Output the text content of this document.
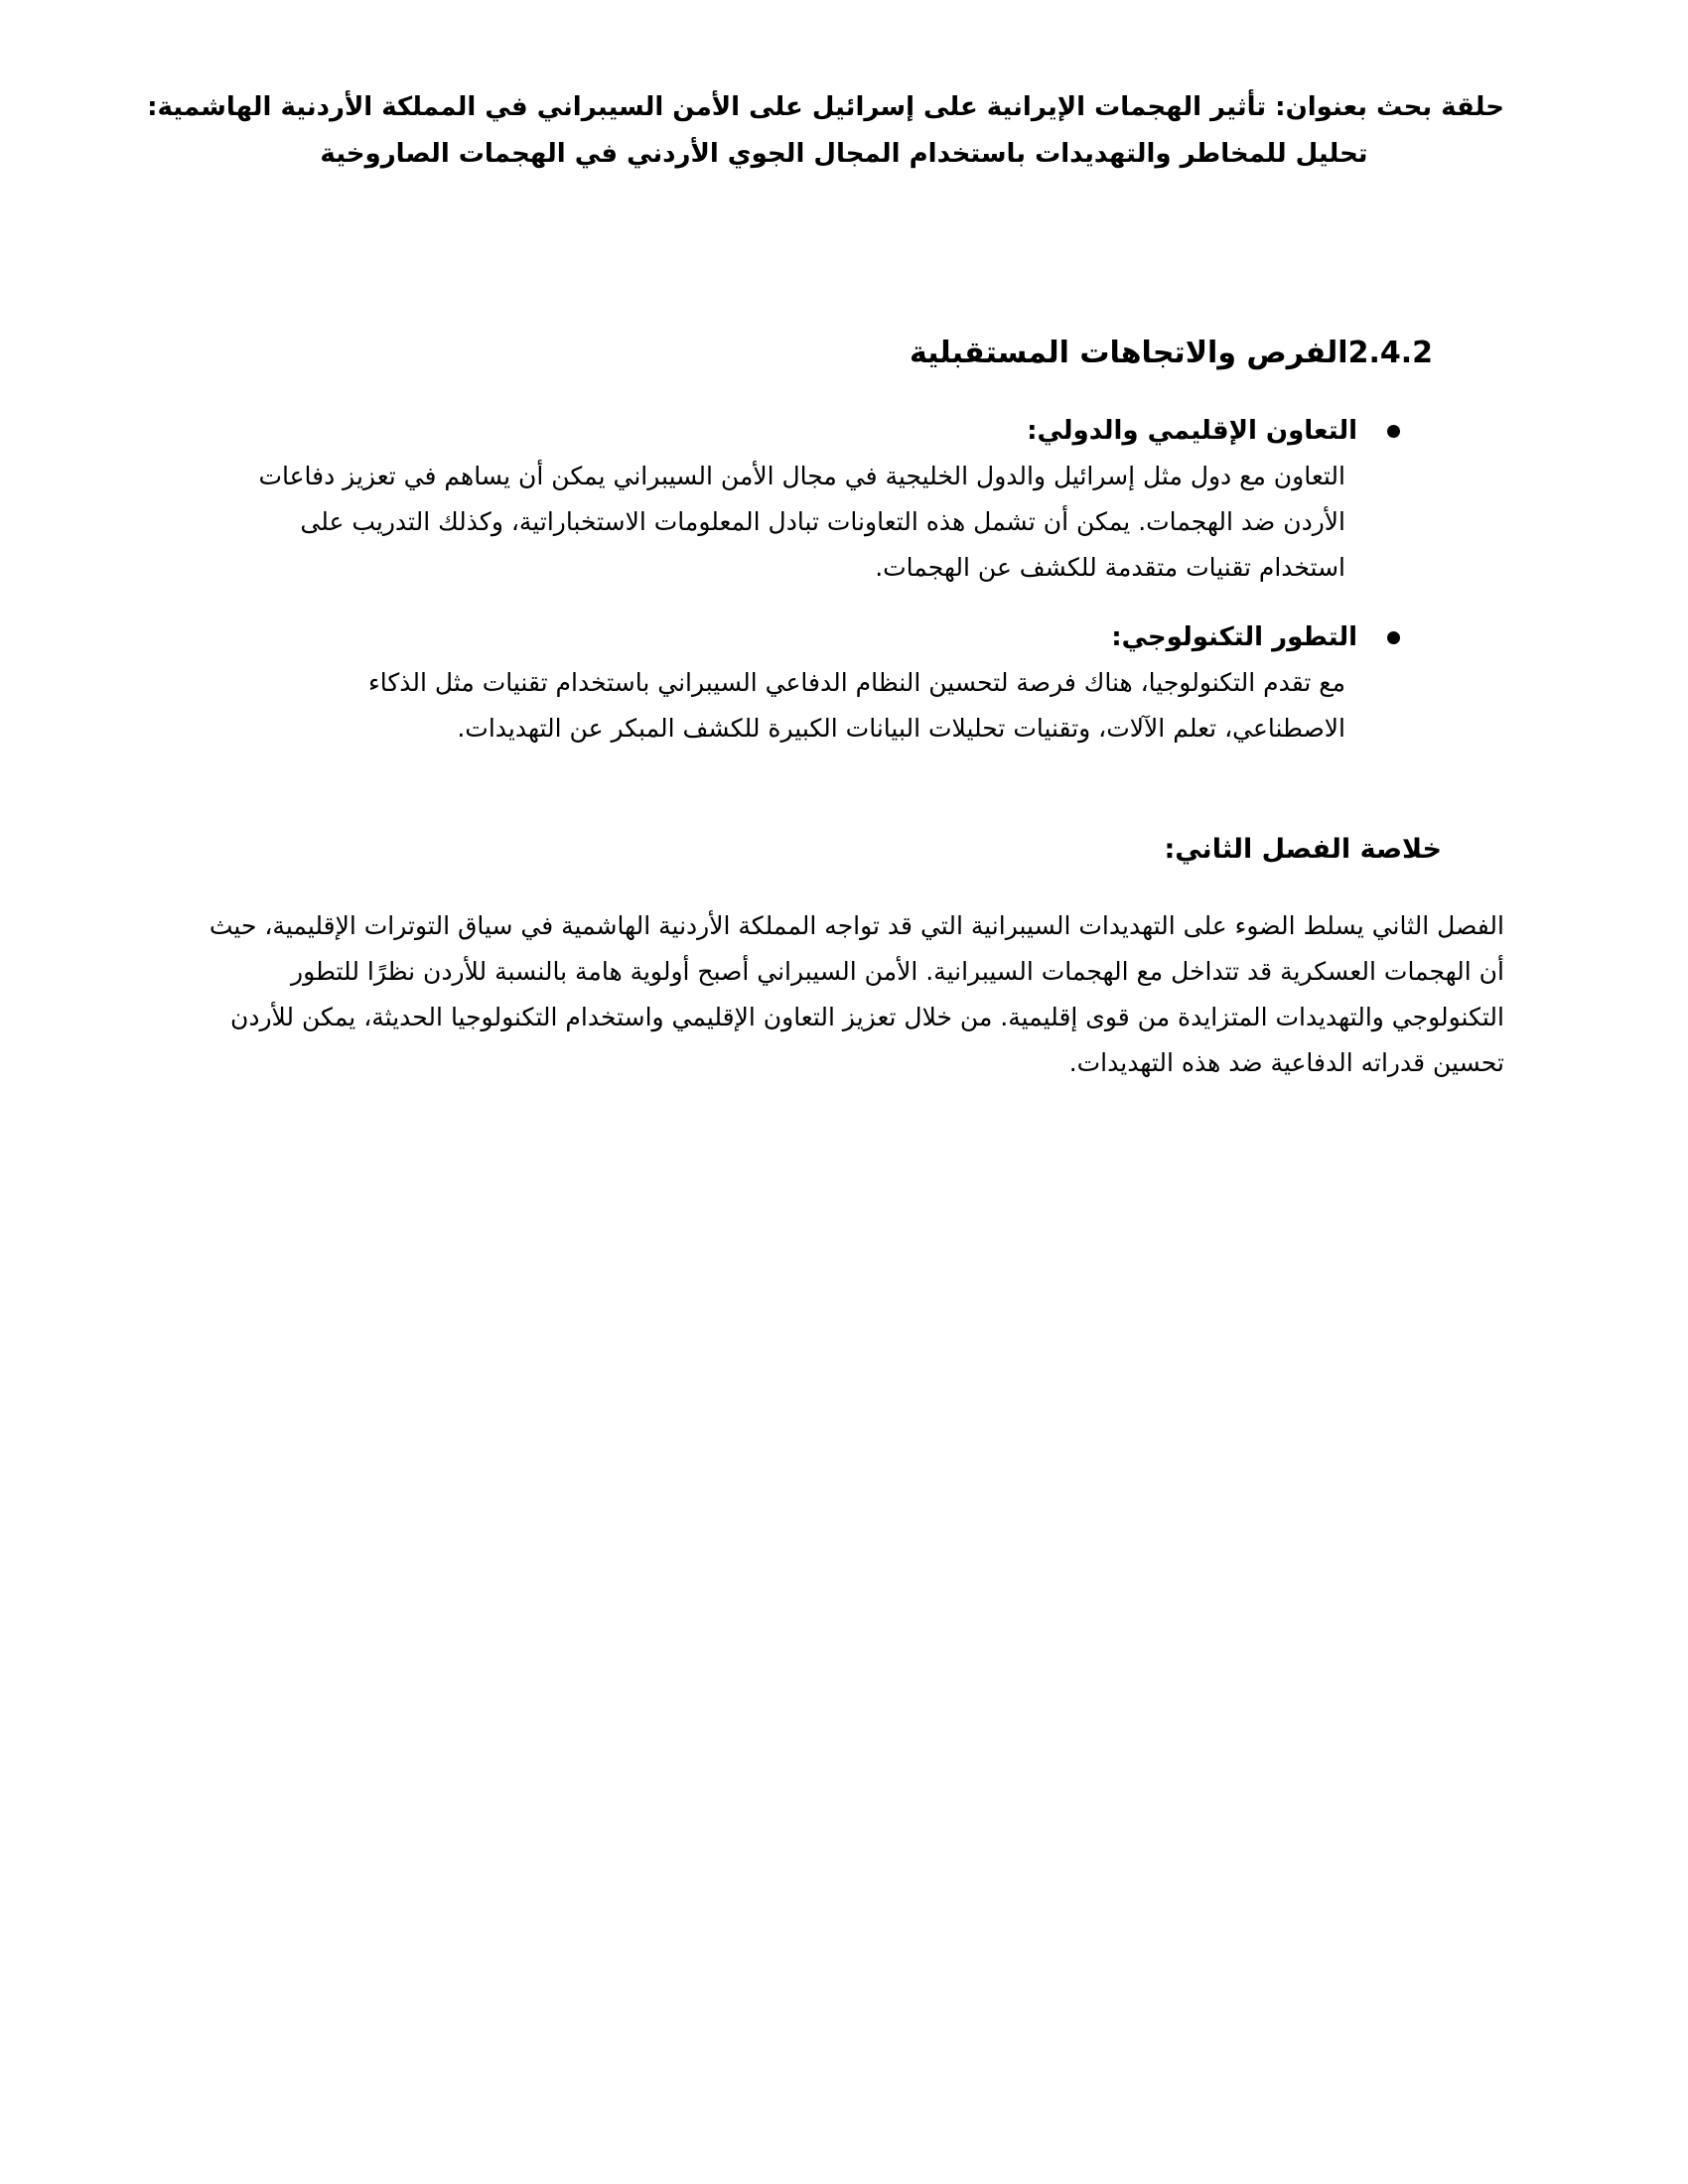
حلقة بحث بعنوان: تأثير الهجمات الإيرانية على إسرائيل على الأمن السيبراني في المملكة الأردنية الهاشمية:
تحليل للمخاطر والتهديدات باستخدام المجال الجوي الأردني في الهجمات الصاروخية
2.4.2الفرص والاتجاهات المستقبلية
التعاون الإقليمي والدولي:
التعاون مع دول مثل إسرائيل والدول الخليجية في مجال الأمن السيبراني يمكن أن يساهم في تعزيز دفاعات الأردن ضد الهجمات. يمكن أن تشمل هذه التعاونات تبادل المعلومات الاستخباراتية، وكذلك التدريب على استخدام تقنيات متقدمة للكشف عن الهجمات.
التطور التكنولوجي:
مع تقدم التكنولوجيا، هناك فرصة لتحسين النظام الدفاعي السيبراني باستخدام تقنيات مثل الذكاء الاصطناعي، تعلم الآلات، وتقنيات تحليلات البيانات الكبيرة للكشف المبكر عن التهديدات.
خلاصة الفصل الثاني:
الفصل الثاني يسلط الضوء على التهديدات السيبرانية التي قد تواجه المملكة الأردنية الهاشمية في سياق التوترات الإقليمية، حيث أن الهجمات العسكرية قد تتداخل مع الهجمات السيبرانية. الأمن السيبراني أصبح أولوية هامة بالنسبة للأردن نظرًا للتطور التكنولوجي والتهديدات المتزايدة من قوى إقليمية. من خلال تعزيز التعاون الإقليمي واستخدام التكنولوجيا الحديثة، يمكن للأردن تحسين قدراته الدفاعية ضد هذه التهديدات.
